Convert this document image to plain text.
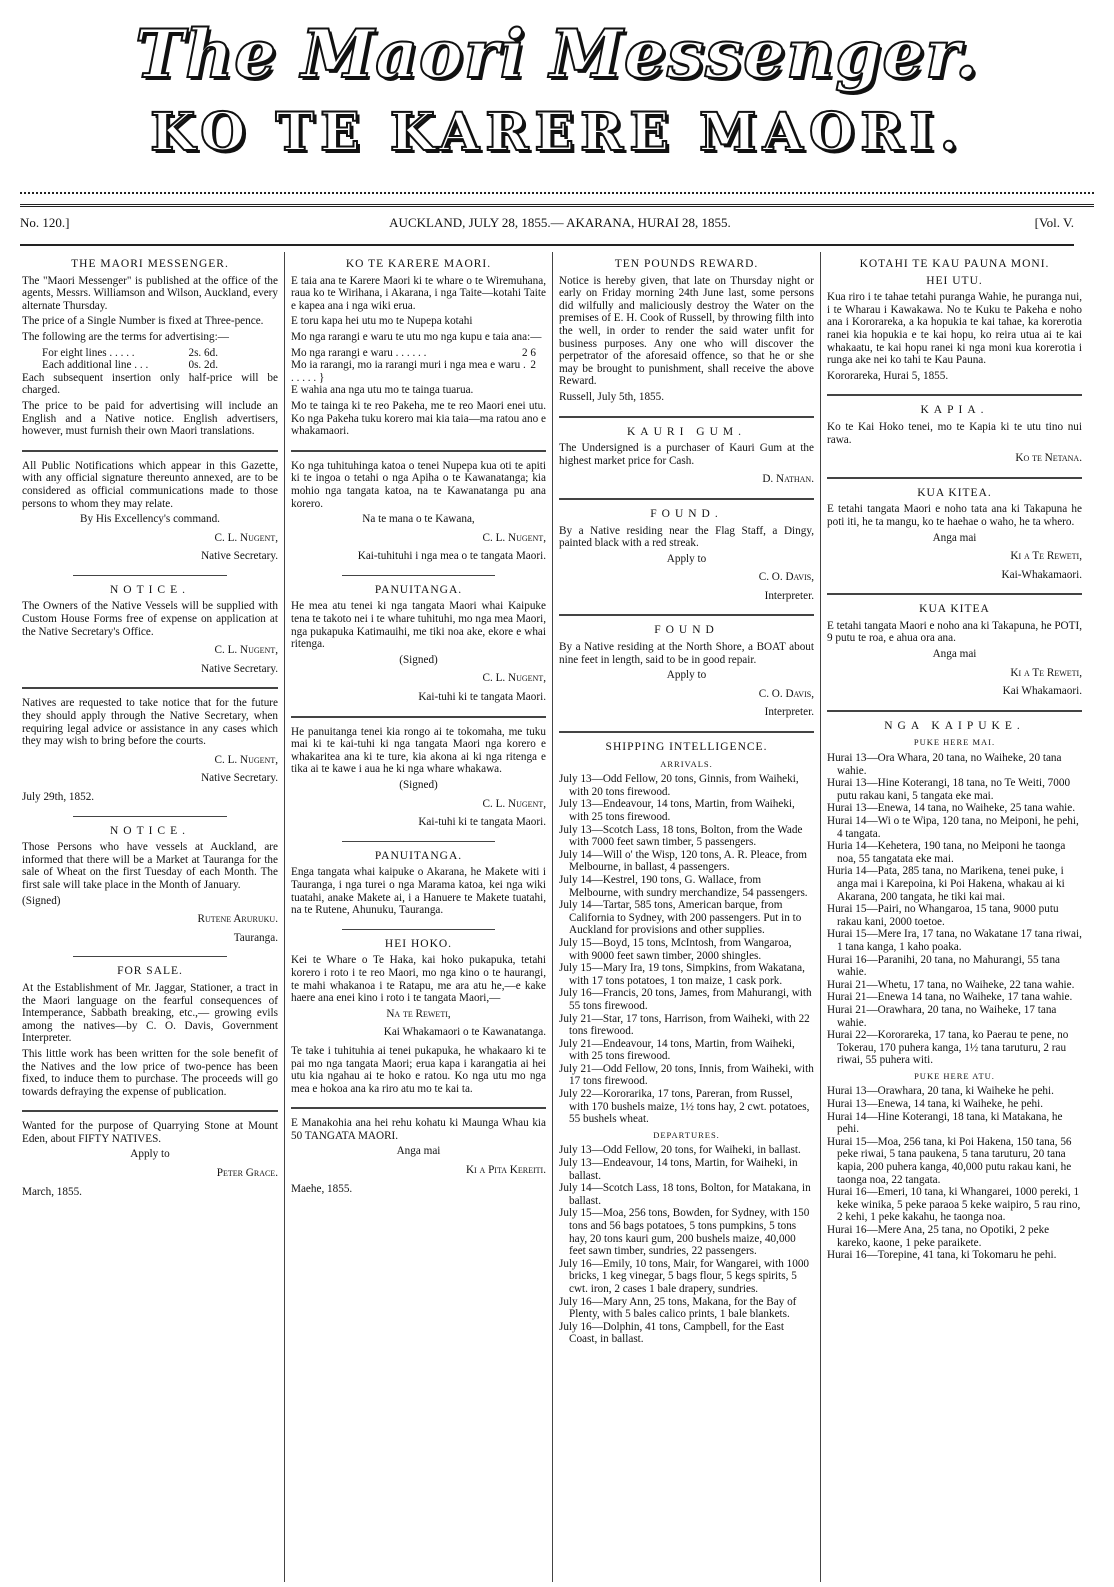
The Maori Messenger.
KO TE KARERE MAORI.
No. 120.]	AUCKLAND, JULY 28, 1855.— AKARANA, HURAI 28, 1855.	[Vol. V.
THE MAORI MESSENGER.

The "Maori Messenger" is published at the office of the agents, Messrs. Williamson and Wilson, Auckland, every alternate Thursday.

The price of a Single Number is fixed at Three-pence.

The following are the terms for advertising:—

For eight lines . . . . .	2s. 6d.
Each additional line . . .	0s. 2d.

Each subsequent insertion only half-price will be charged.

The price to be paid for advertising will include an English and a Native notice. English advertisers, however, must furnish their own Maori translations.

All Public Notifications which appear in this Gazette, with any official signature thereunto annexed, are to be considered as official communications made to those persons to whom they may relate.

By His Excellency's command.

C. L. Nugent,
Native Secretary.
NOTICE.

The Owners of the Native Vessels will be supplied with Custom House Forms free of expense on application at the Native Secretary's Office.

C. L. Nugent,
Native Secretary.

Natives are requested to take notice that for the future they should apply through the Native Secretary, when requiring legal advice or assistance in any cases which they may wish to bring before the courts.

C. L. Nugent,
Native Secretary.

July 29th, 1852.

NOTICE.

Those Persons who have vessels at Auckland, are informed that there will be a Market at Tauranga for the sale of Wheat on the first Tuesday of each Month. The first sale will take place in the Month of January.

(Signed)

Rutene Aruruku.
Tauranga.
FOR SALE.

At the Establishment of Mr. Jaggar, Stationer, a tract in the Maori language on the fearful consequences of Intemperance, Sabbath breaking, etc.,— growing evils among the natives—by C. O. Davis, Government Interpreter.

This little work has been written for the sole benefit of the Natives and the low price of two-pence has been fixed, to induce them to purchase. The proceeds will go towards defraying the expense of publication.

Wanted for the purpose of Quarrying Stone at Mount Eden, about FIFTY NATIVES.

Apply to

Peter Grace.

March, 1855.

KO TE KARERE MAORI.

E taia ana te Karere Maori ki te whare o te Wiremuhana, raua ko te Wirihana, i Akarana, i nga Taite—kotahi Taite e kapea ana i nga wiki erua.

E toru kapa hei utu mo te Nupepa kotahi

Mo nga rarangi e waru te utu mo nga kupu e taia ana:—

Mo nga rarangi e waru . . . . . .	2 6
Mo ia rarangi, mo ia rarangi muri i nga mea e waru . . . . . . }
2

E wahia ana nga utu mo te tainga tuarua.

Mo te tainga ki te reo Pakeha, me te reo Maori enei utu. Ko nga Pakeha tuku korero mai kia taia—ma ratou ano e whakamaori.

Ko nga tuhituhinga katoa o tenei Nupepa kua oti te apiti ki te ingoa o tetahi o nga Apiha o te Kawanatanga; kia mohio nga tangata katoa, na te Kawanatanga pu ana korero.

Na te mana o te Kawana,

C. L. Nugent,
Kai-tuhituhi i nga mea o te tangata Maori.
PANUITANGA.

He mea atu tenei ki nga tangata Maori whai Kaipuke tena te takoto nei i te whare tuhituhi, mo nga mea Maori, nga pukapuka Katimauihi, me tiki noa ake, ekore e whai ritenga.

(Signed)

C. L. Nugent,
Kai-tuhi ki te tangata Maori.

He panuitanga tenei kia rongo ai te tokomaha, me tuku mai ki te kai-tuhi ki nga tangata Maori nga korero e whakaritea ana ki te ture, kia akona ai ki nga ritenga e tika ai te kawe i aua he ki nga whare whakawa.

(Signed)

C. L. Nugent,
Kai-tuhi ki te tangata Maori.
PANUITANGA.

Enga tangata whai kaipuke o Akarana, he Makete witi i Tauranga, i nga turei o nga Marama katoa, kei nga wiki tuatahi, anake Makete ai, i a Hanuere te Makete tuatahi, na te Rutene, Ahunuku, Tauranga.

HEI HOKO.

Kei te Whare o Te Haka, kai hoko pukapuka, tetahi korero i roto i te reo Maori, mo nga kino o te haurangi, te mahi whakanoa i te Ratapu, me ara atu he,—e kake haere ana enei kino i roto i te tangata Maori,—

Na te Reweti,

Kai Whakamaori o te Kawanatanga.

Te take i tuhituhia ai tenei pukapuka, he whakaaro ki te pai mo nga tangata Maori; erua kapa i karangatia ai hei utu kia ngahau ai te hoko e ratou. Ko nga utu mo nga mea e hokoa ana ka riro atu mo te kai ta.

E Manakohia ana hei rehu kohatu ki Maunga Whau kia 50 TANGATA MAORI.

Anga mai

Ki a Pita Kereiti.

Maehe, 1855.

TEN POUNDS REWARD.

Notice is hereby given, that late on Thursday night or early on Friday morning 24th June last, some persons did wilfully and maliciously destroy the Water on the premises of E. H. Cook of Russell, by throwing filth into the well, in order to render the said water unfit for business purposes. Any one who will discover the perpetrator of the aforesaid offence, so that he or she may be brought to punishment, shall receive the above Reward.

Russell, July 5th, 1855.

KAURI GUM.

The Undersigned is a purchaser of Kauri Gum at the highest market price for Cash.

D. Nathan.
FOUND.

By a Native residing near the Flag Staff, a Dingy, painted black with a red streak.

Apply to

C. O. Davis,
Interpreter.
FOUND

By a Native residing at the North Shore, a BOAT about nine feet in length, said to be in good repair.

Apply to

C. O. Davis,
Interpreter.
SHIPPING INTELLIGENCE.
ARRIVALS.

July 13—Odd Fellow, 20 tons, Ginnis, from Waiheki, with 20 tons firewood.

July 13—Endeavour, 14 tons, Martin, from Waiheki, with 25 tons firewood.

July 13—Scotch Lass, 18 tons, Bolton, from the Wade with 7000 feet sawn timber, 5 passengers.

July 14—Will o' the Wisp, 120 tons, A. R. Pleace, from Melbourne, in ballast, 4 passengers.

July 14—Kestrel, 190 tons, G. Wallace, from Melbourne, with sundry merchandize, 54 passengers.

July 14—Tartar, 585 tons, American barque, from California to Sydney, with 200 passengers. Put in to Auckland for provisions and other supplies.

July 15—Boyd, 15 tons, McIntosh, from Wangaroa, with 9000 feet sawn timber, 2000 shingles.

July 15—Mary Ira, 19 tons, Simpkins, from Wakatana, with 17 tons potatoes, 1 ton maize, 1 cask pork.

July 16—Francis, 20 tons, James, from Mahurangi, with 55 tons firewood.

July 21—Star, 17 tons, Harrison, from Waiheki, with 22 tons firewood.

July 21—Endeavour, 14 tons, Martin, from Waiheki, with 25 tons firewood.

July 21—Odd Fellow, 20 tons, Innis, from Waiheki, with 17 tons firewood.

July 22—Kororarika, 17 tons, Pareran, from Russel, with 170 bushels maize, 1½ tons hay, 2 cwt. potatoes, 55 bushels wheat.

DEPARTURES.

July 13—Odd Fellow, 20 tons, for Waiheki, in ballast.

July 13—Endeavour, 14 tons, Martin, for Waiheki, in ballast.

July 14—Scotch Lass, 18 tons, Bolton, for Matakana, in ballast.

July 15—Moa, 256 tons, Bowden, for Sydney, with 150 tons and 56 bags potatoes, 5 tons pumpkins, 5 tons hay, 20 tons kauri gum, 200 bushels maize, 40,000 feet sawn timber, sundries, 22 passengers.

July 16—Emily, 10 tons, Mair, for Wangarei, with 1000 bricks, 1 keg vinegar, 5 bags flour, 5 kegs spirits, 5 cwt. iron, 2 cases 1 bale drapery, sundries.

July 16—Mary Ann, 25 tons, Makana, for the Bay of Plenty, with 5 bales calico prints, 1 bale blankets.

July 16—Dolphin, 41 tons, Campbell, for the East Coast, in ballast.

KOTAHI TE KAU PAUNA MONI.
HEI UTU.

Kua riro i te tahae tetahi puranga Wahie, he puranga nui, i te Wharau i Kawakawa. No te Kuku te Pakeha e noho ana i Kororareka, a ka hopukia te kai tahae, ka korerotia ranei kia hopukia e te kai hopu, ko reira utua ai te kai whakaatu, te kai hopu ranei ki nga moni kua korerotia i runga ake nei ko tahi te Kau Pauna.

Kororareka, Hurai 5, 1855.

KAPIA.

Ko te Kai Hoko tenei, mo te Kapia ki te utu tino nui rawa.

Ko te Netana.
KUA KITEA.

E tetahi tangata Maori e noho tata ana ki Takapuna he poti iti, he ta mangu, ko te haehae o waho, he ta whero.

Anga mai

Ki a Te Reweti,
Kai-Whakamaori.
KUA KITEA

E tetahi tangata Maori e noho ana ki Takapuna, he POTI, 9 putu te roa, e ahua ora ana.

Anga mai

Ki a Te Reweti,
Kai Whakamaori.
NGA KAIPUKE.
PUKE HERE MAI.

Hurai 13—Ora Whara, 20 tana, no Waiheke, 20 tana wahie.

Hurai 13—Hine Koterangi, 18 tana, no Te Weiti, 7000 putu rakau kani, 5 tangata eke mai.

Hurai 13—Enewa, 14 tana, no Waiheke, 25 tana wahie.

Hurai 14—Wi o te Wipa, 120 tana, no Meiponi, he pehi, 4 tangata.

Huria 14—Kehetera, 190 tana, no Meiponi he taonga noa, 55 tangatata eke mai.

Huria 14—Pata, 285 tana, no Marikena, tenei puke, i anga mai i Karepoina, ki Poi Hakena, whakau ai ki Akarana, 200 tangata, he tiki kai mai.

Hurai 15—Pairi, no Whangaroa, 15 tana, 9000 putu rakau kani, 2000 toetoe.

Hurai 15—Mere Ira, 17 tana, no Wakatane 17 tana riwai, 1 tana kanga, 1 kaho poaka.

Hurai 16—Paranihi, 20 tana, no Mahurangi, 55 tana wahie.

Hurai 21—Whetu, 17 tana, no Waiheke, 22 tana wahie.

Hurai 21—Enewa 14 tana, no Waiheke, 17 tana wahie.

Hurai 21—Orawhara, 20 tana, no Waiheke, 17 tana wahie.

Hurai 22—Kororareka, 17 tana, ko Paerau te pene, no Tokerau, 170 puhera kanga, 1½ tana taruturu, 2 rau riwai, 55 puhera witi.

PUKE HERE ATU.

Hurai 13—Orawhara, 20 tana, ki Waiheke he pehi.

Hurai 13—Enewa, 14 tana, ki Waiheke, he pehi.

Hurai 14—Hine Koterangi, 18 tana, ki Matakana, he pehi.

Hurai 15—Moa, 256 tana, ki Poi Hakena, 150 tana, 56 peke riwai, 5 tana paukena, 5 tana taruturu, 20 tana kapia, 200 puhera kanga, 40,000 putu rakau kani, he taonga noa, 22 tangata.

Hurai 16—Emeri, 10 tana, ki Whangarei, 1000 pereki, 1 keke winika, 5 peke paraoa 5 keke waipiro, 5 rau rino, 2 kehi, 1 peke kakahu, he taonga noa.

Hurai 16—Mere Ana, 25 tana, no Opotiki, 2 peke kareko, kaone, 1 peke paraikete.

Hurai 16—Torepine, 41 tana, ki Tokomaru he pehi.
